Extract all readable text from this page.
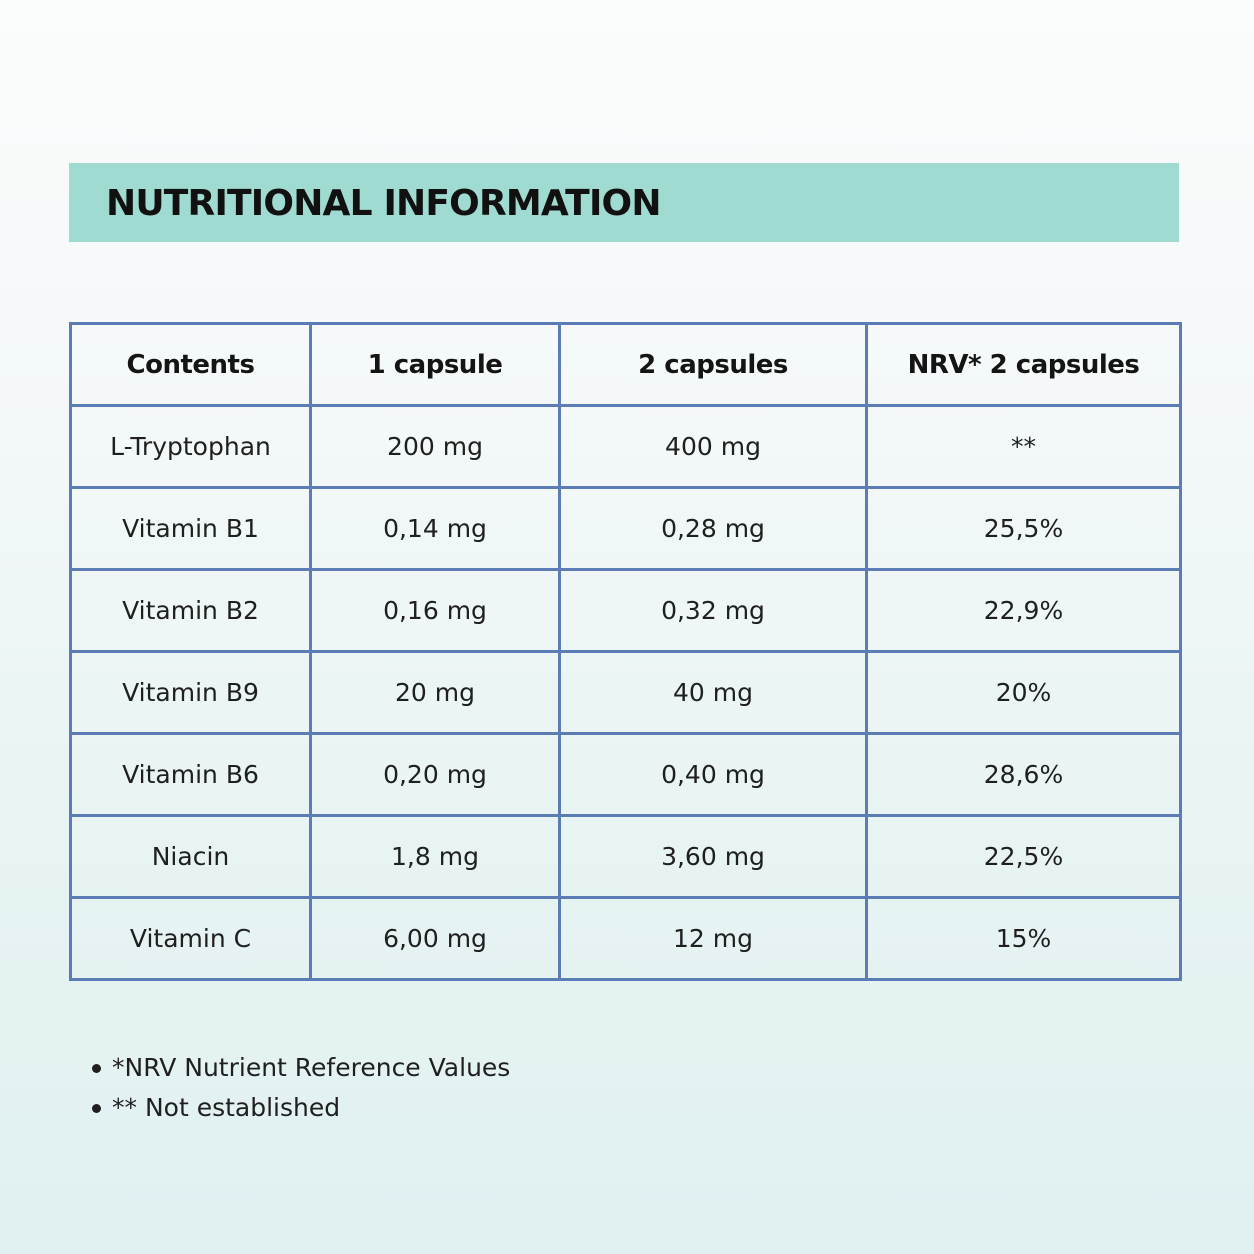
NUTRITIONAL INFORMATION
Contents	1 capsule	2 capsules	NRV* 2 capsules
L-Tryptophan	200 mg	400 mg	**
Vitamin B1	0,14 mg	0,28 mg	25,5%
Vitamin B2	0,16 mg	0,32 mg	22,9%
Vitamin B9	20 mg	40 mg	20%
Vitamin B6	0,20 mg	0,40 mg	28,6%
Niacin	1,8 mg	3,60 mg	22,5%
Vitamin C	6,00 mg	12 mg	15%
*NRV Nutrient Reference Values
** Not established
